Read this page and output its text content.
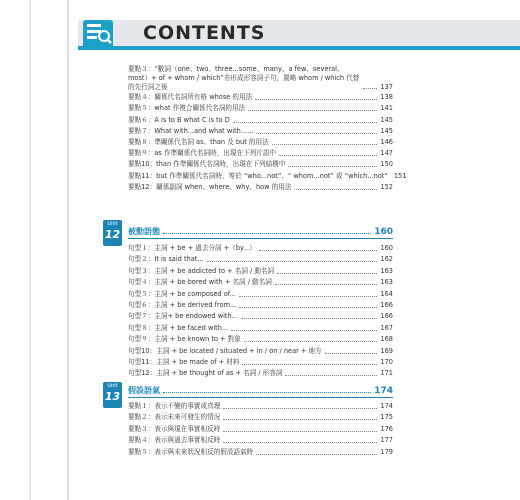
CONTENTS
要點３：“數詞（one、two、three...some、many、a few、several、most）+ of + whom / which”亦形成形容詞子句，置略 whom / which 代替的先行詞之後	137
要點４：關係代名詞所有格 whose 的用法	138
要點５：what 作複合關係代名詞的用法	141
要點６：A is to B what C is to D	145
要點７：What with...and what with......	145
要點８：準關係代名詞 as、than 及 but 的用法	146
要點９：as 作準關係代名詞時，出現在下列片語中	147
要點10：than 作準關係代名詞時，出現在下列結構中	150
要點11：but 作準關係代名詞時，等於 “who...not”、“ whom...not” 或 “which...not” 151
要點12：關係副詞 when、where、why、how 的用法	152
Unit
12 被動語態	160
句型１：主詞 + be + 過去分詞 +（by...）	160
句型２：It is said that...	162
句型３：主詞 + be addicted to + 名詞 / 動名詞	163
句型４：主詞 + be bored with + 名詞 / 動名詞	163
句型５：主詞 + be composed of...	164
句型６：主詞 + be derived from...	166
句型７：主詞+ be endowed with...	166
句型８：主詞 + be faced with...	167
句型９：主詞 + be known to + 對象	168
句型10：主詞 + be located / situated + in / on / near + 地方	169
句型11：主詞 + be made of + 材料	170
句型12：主詞 + be thought of as + 名詞 / 形容詞	171
Unit
13 假設語氣	174
要點１：表示不變的事實或真理	174
要點２：表示未來可發生的情況	175
要點３：表示與現在事實相反時	176
要點４：表示與過去事實相反時	177
要點５：表示與未來狀況相反的假設語氣時	179
